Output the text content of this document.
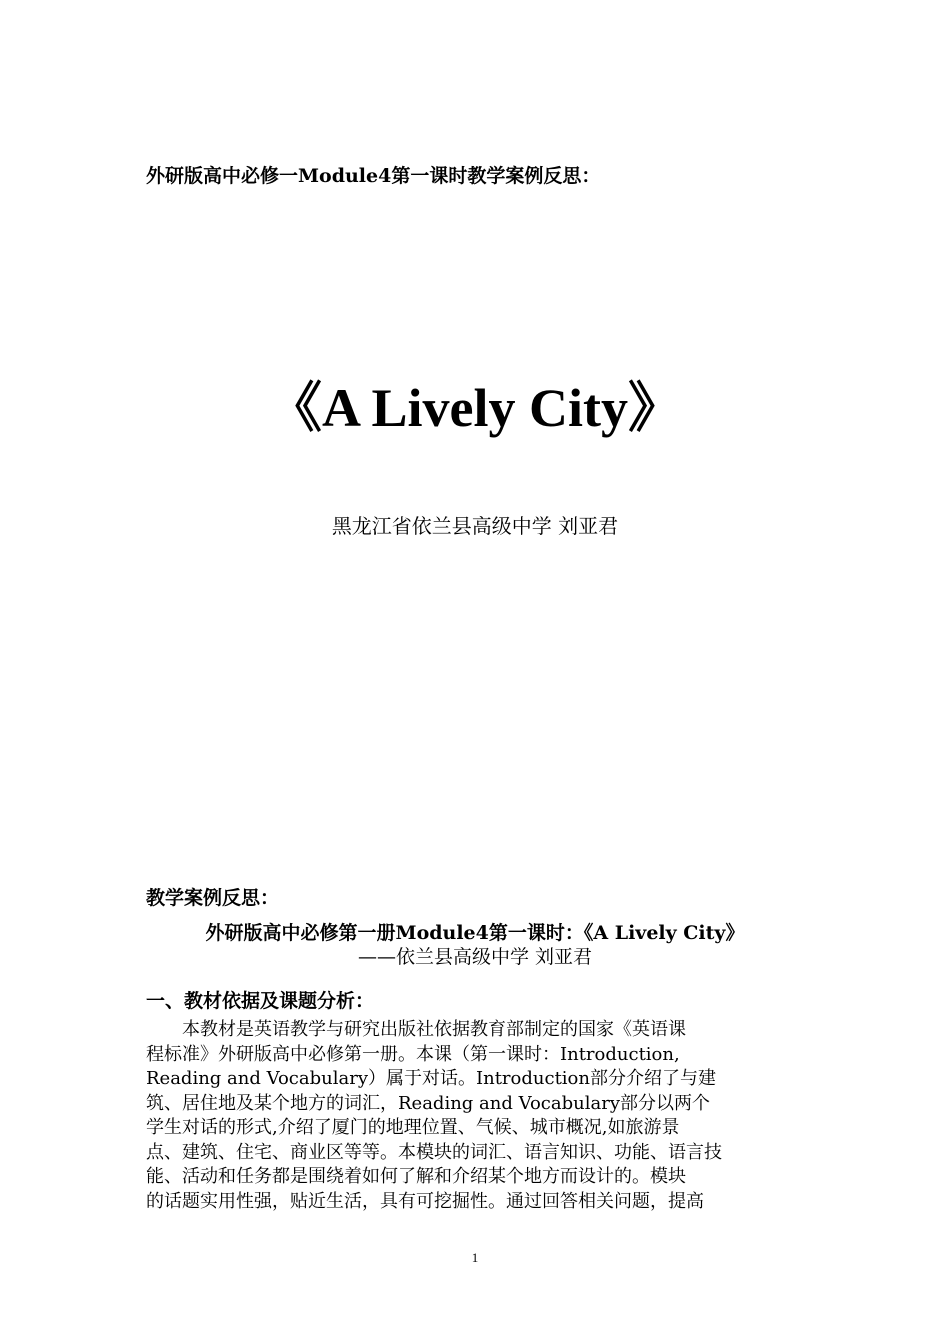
外研版高中必修一Module4第一课时教学案例反思：
《A Lively City》
黑龙江省依兰县高级中学 刘亚君
教学案例反思：
外研版高中必修第一册Module4第一课时：《A Lively City》
——依兰县高级中学 刘亚君
一、教材依据及课题分析：
　　本教材是英语教学与研究出版社依据教育部制定的国家《英语课
程标准》外研版高中必修第一册。本课（第一课时：Introduction,
Reading and Vocabulary）属于对话。Introduction部分介绍了与建
筑、居住地及某个地方的词汇，Reading and Vocabulary部分以两个
学生对话的形式,介绍了厦门的地理位置、气候、城市概况,如旅游景
点、建筑、住宅、商业区等等。本模块的词汇、语言知识、功能、语言技
能、活动和任务都是围绕着如何了解和介绍某个地方而设计的。模块
的话题实用性强，贴近生活，具有可挖掘性。通过回答相关问题，提高
1
